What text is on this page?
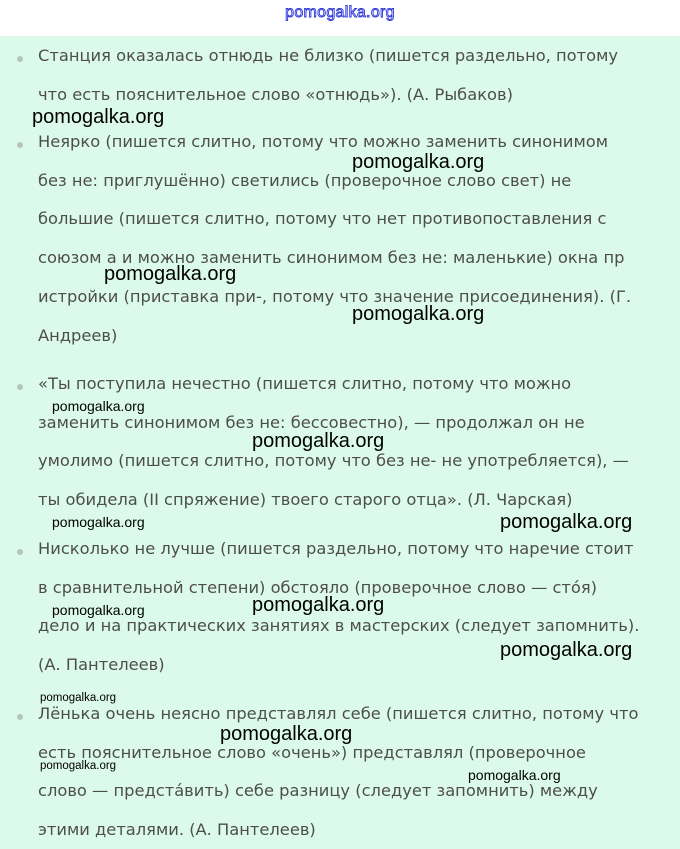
pomogalka.org
Станция оказалась отнюдь не близко (пишется раздельно, потому
что есть пояснительное слово «отнюдь»). (А. Рыбаков)
Неярко (пишется слитно, потому что можно заменить синонимом
без не: приглушённо) светились (проверочное слово свет) не
большие (пишется слитно, потому что нет противопоставления с
союзом а и можно заменить синонимом без не: маленькие) окна пр
истройки (приставка при-, потому что значение присоединения). (Г.
Андреев)
«Ты поступила нечестно (пишется слитно, потому что можно
заменить синонимом без не: бессовестно), — продолжал он не
умолимо (пишется слитно, потому что без не- не употребляется), —
ты обидела (II спряжение) твоего старого отца». (Л. Чарская)
Нисколько не лучше (пишется раздельно, потому что наречие стоит
в сравнительной степени) обстояло (проверочное слово — сто́я)
дело и на практических занятиях в мастерских (следует запомнить).
(А. Пантелеев)
Лёнька очень неясно представлял себе (пишется слитно, потому что
есть пояснительное слово «очень») представлял (проверочное
слово — предста́вить) себе разницу (следует запомнить) между
этими деталями. (А. Пантелеев)
pomogalka.org
pomogalka.org
pomogalka.org
pomogalka.org
pomogalka.org
pomogalka.org
pomogalka.org	pomogalka.org
pomogalka.org	pomogalka.org
pomogalka.org
pomogalka.org
pomogalka.org
pomogalka.org
pomogalka.org
